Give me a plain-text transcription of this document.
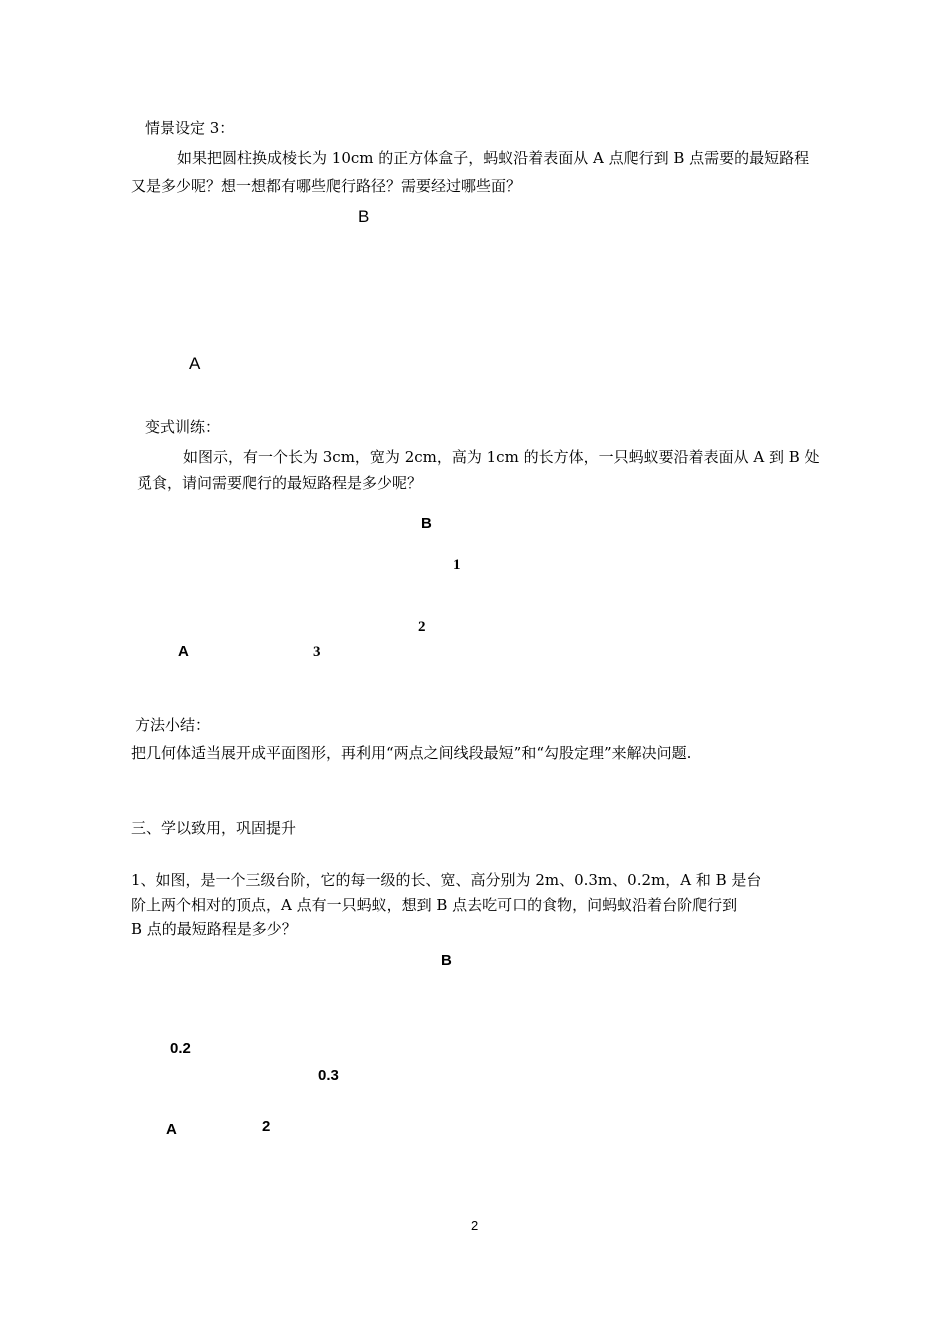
情景设定 3：
如果把圆柱换成棱长为 10cm 的正方体盒子，蚂蚁沿着表面从 A 点爬行到 B 点需要的最短路程
又是多少呢？想一想都有哪些爬行路径？需要经过哪些面？
B
A
变式训练：
如图示，有一个长为 3cm，宽为 2cm，高为 1cm 的长方体，一只蚂蚁要沿着表面从 A 到 B 处
觅食，请问需要爬行的最短路程是多少呢？
B
1
2
A	3
方法小结：
把几何体适当展开成平面图形，再利用“两点之间线段最短”和“勾股定理”来解决问题.
三、学以致用，巩固提升
1、如图，是一个三级台阶，它的每一级的长、宽、高分别为 2m、0.3m、0.2m，A 和 B 是台
阶上两个相对的顶点，A 点有一只蚂蚁，想到 B 点去吃可口的食物，问蚂蚁沿着台阶爬行到
B 点的最短路程是多少？
B
0.2
0.3
A	2
2
